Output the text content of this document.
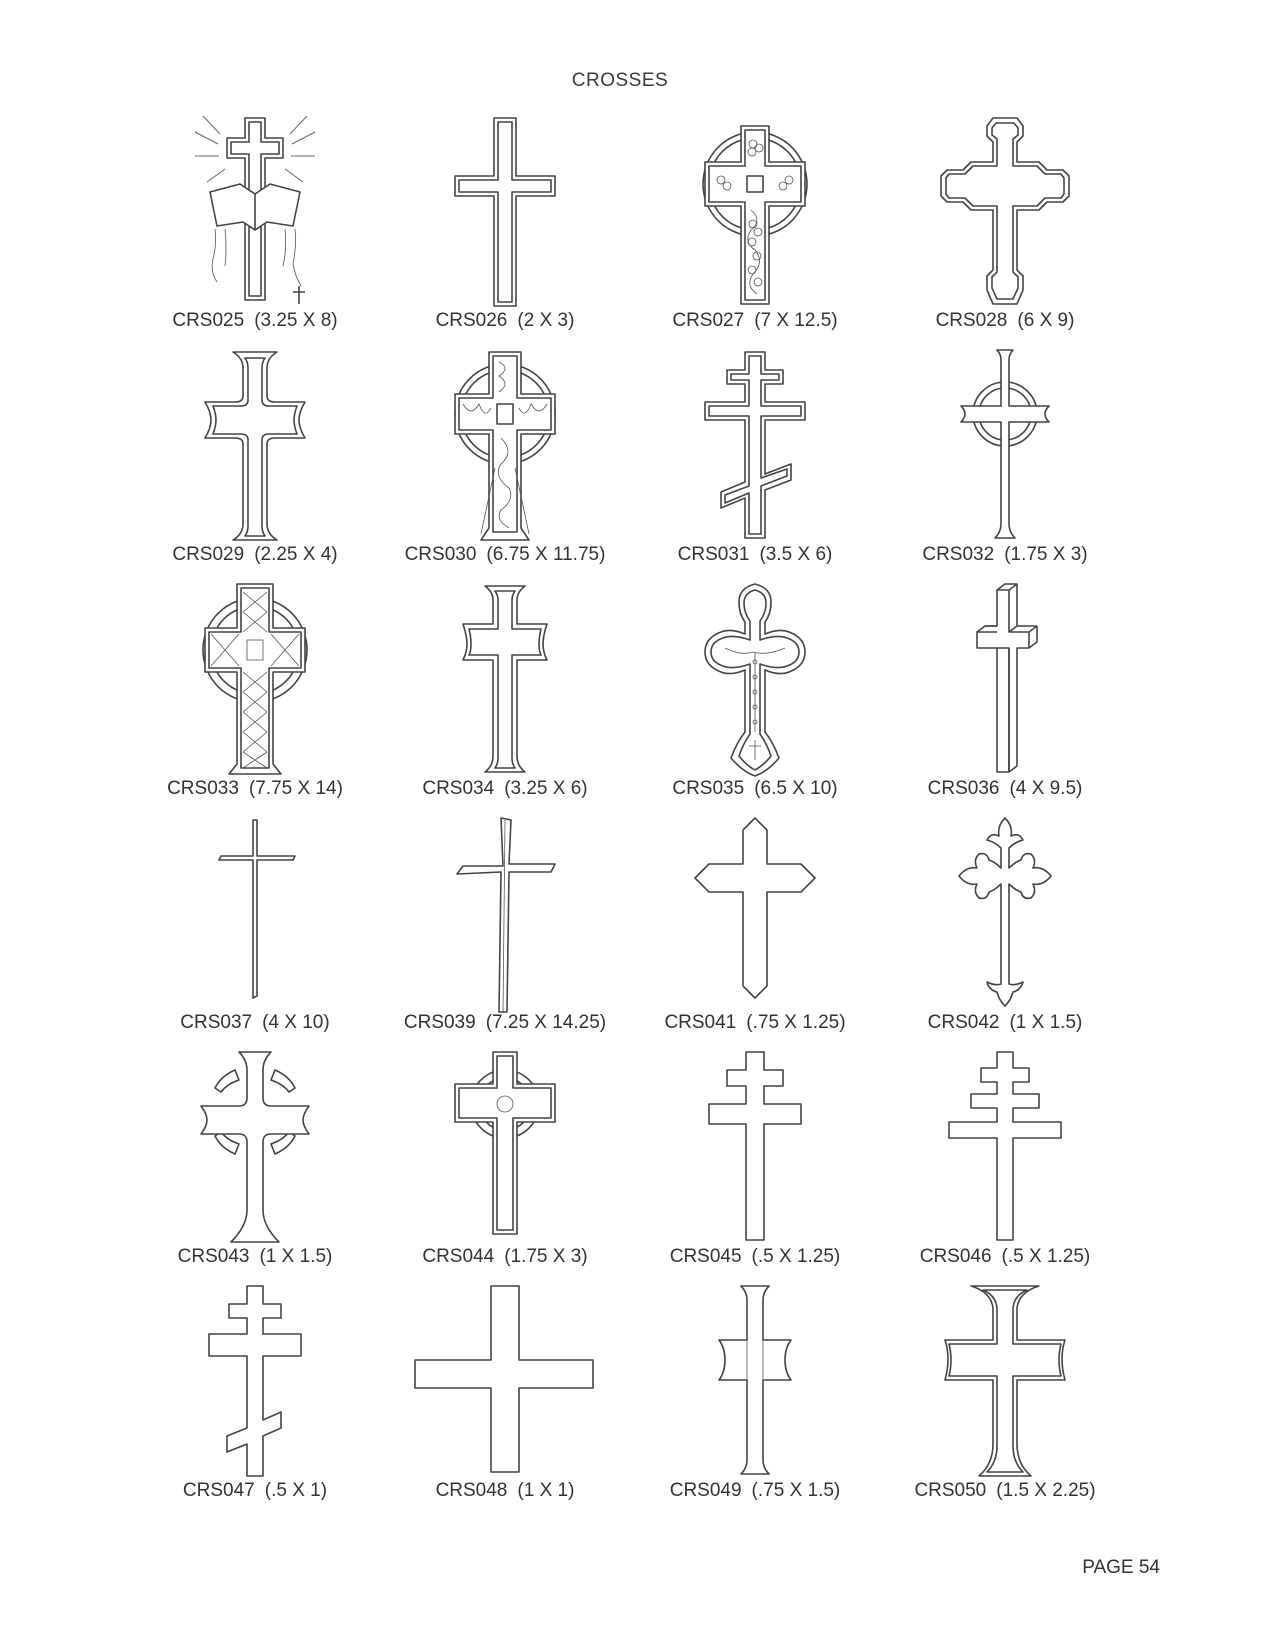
CROSSES
CRS025 (3.25 X 8)	CRS026 (2 X 3)	CRS027 (7 X 12.5)	CRS028 (6 X 9)
CRS029 (2.25 X 4)	CRS030 (6.75 X 11.75)	CRS031 (3.5 X 6)	CRS032 (1.75 X 3)
CRS033 (7.75 X 14)	CRS034 (3.25 X 6)	CRS035 (6.5 X 10)	CRS036 (4 X 9.5)
CRS037 (4 X 10)	CRS039 (7.25 X 14.25)	CRS041 (.75 X 1.25)	CRS042 (1 X 1.5)
CRS043 (1 X 1.5)	CRS044 (1.75 X 3)	CRS045 (.5 X 1.25)	CRS046 (.5 X 1.25)
CRS047 (.5 X 1)	CRS048 (1 X 1)	CRS049 (.75 X 1.5)	CRS050 (1.5 X 2.25)
PAGE 54
